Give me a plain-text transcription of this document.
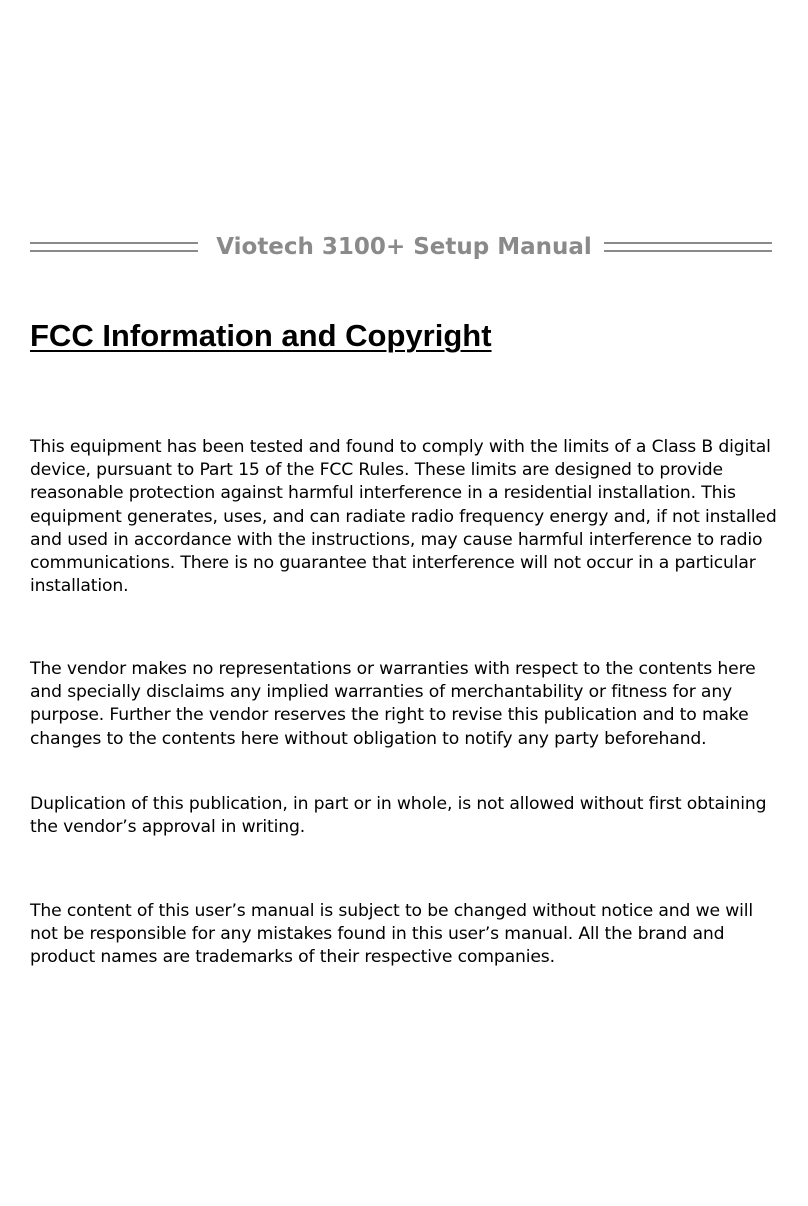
Viotech 3100+ Setup Manual
FCC Information and Copyright

This equipment has been tested and found to comply with the limits of a Class B digital device, pursuant to Part 15 of the FCC Rules. These limits are designed to provide reasonable protection against harmful interference in a residential installation. This equipment generates, uses, and can radiate radio frequency energy and, if not installed and used in accordance with the instructions, may cause harmful interference to radio communications. There is no guarantee that interference will not occur in a particular installation.

The vendor makes no representations or warranties with respect to the contents here and specially disclaims any implied warranties of merchantability or fitness for any purpose. Further the vendor reserves the right to revise this publication and to make changes to the contents here without obligation to notify any party beforehand.

Duplication of this publication, in part or in whole, is not allowed without first obtaining the vendor’s approval in writing.

The content of this user’s manual is subject to be changed without notice and we will not be responsible for any mistakes found in this user’s manual. All the brand and product names are trademarks of their respective companies.
